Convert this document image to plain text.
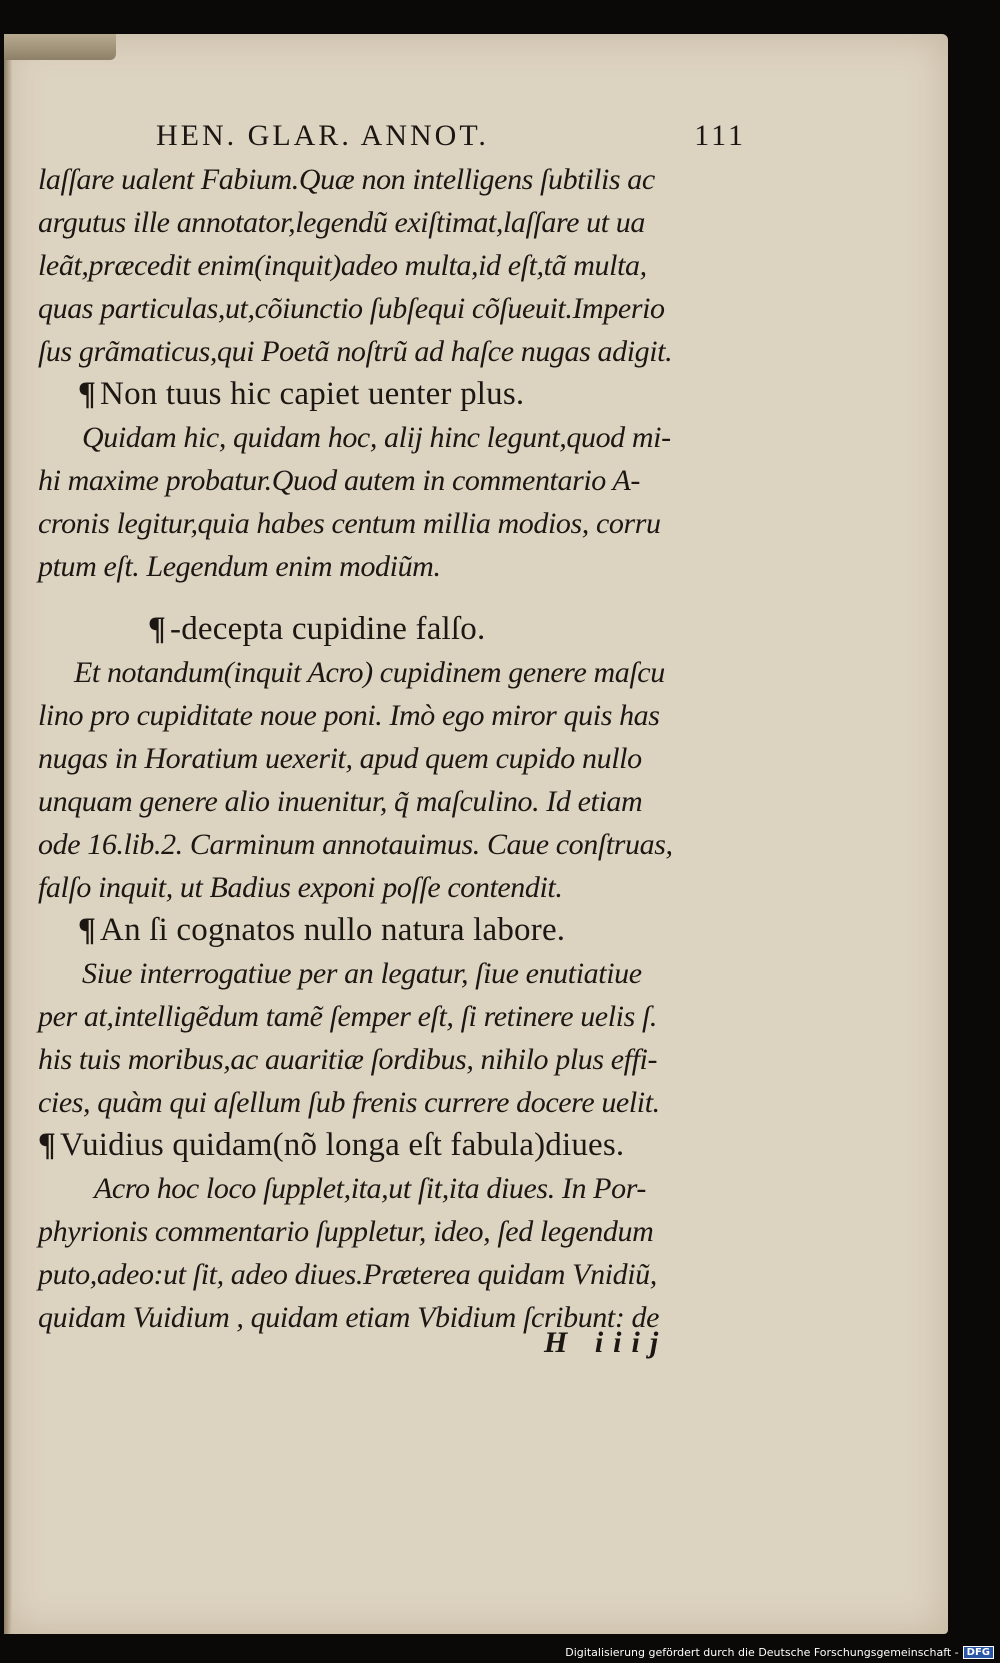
HEN. GLAR. ANNOT.	111
laſſare ualent Fabium.Quæ non intelligens ſubtilis ac
argutus ille annotator,legendũ exiſtimat,laſſare ut ua
leãt,præcedit enim(inquit)adeo multa,id eſt,tã multa,
quas particulas,ut,cõiunctio ſubſequi cõſueuit.Imperio
ſus grãmaticus,qui Poetã noſtrũ ad haſce nugas adigit.
¶ Non tuus hic capiet uenter plus.
Quidam hic, quidam hoc, alij hinc legunt,quod mi-
hi maxime probatur.Quod autem in commentario A-
cronis legitur,quia habes centum millia modios, corru
ptum eſt. Legendum enim modiũm.
¶ -decepta cupidine falſo.
Et notandum(inquit Acro) cupidinem genere maſcu
lino pro cupiditate noue poni. Imò ego miror quis has
nugas in Horatium uexerit, apud quem cupido nullo
unquam genere alio inuenitur, q̃ maſculino. Id etiam
ode 16.lib.2. Carminum annotauimus. Caue conſtruas,
falſo inquit, ut Badius exponi poſſe contendit.
¶ An ſi cognatos nullo natura labore.
Siue interrogatiue per an legatur, ſiue enutiatiue
per at,intelligẽdum tamẽ ſemper eſt, ſi retinere uelis ſ.
his tuis moribus,ac auaritiæ ſordibus, nihilo plus effi-
cies, quàm qui aſellum ſub frenis currere docere uelit.
¶ Vuidius quidam(nõ longa eſt fabula)diues.
Acro hoc loco ſupplet,ita,ut ſit,ita diues. In Por-
phyrionis commentario ſuppletur, ideo, ſed legendum
puto,adeo:ut ſit, adeo diues.Præterea quidam Vnidiũ,
quidam Vuidium , quidam etiam Vbidium ſcribunt: de
H iiij
Digitalisierung gefördert durch die Deutsche Forschungsgemeinschaft - DFG
